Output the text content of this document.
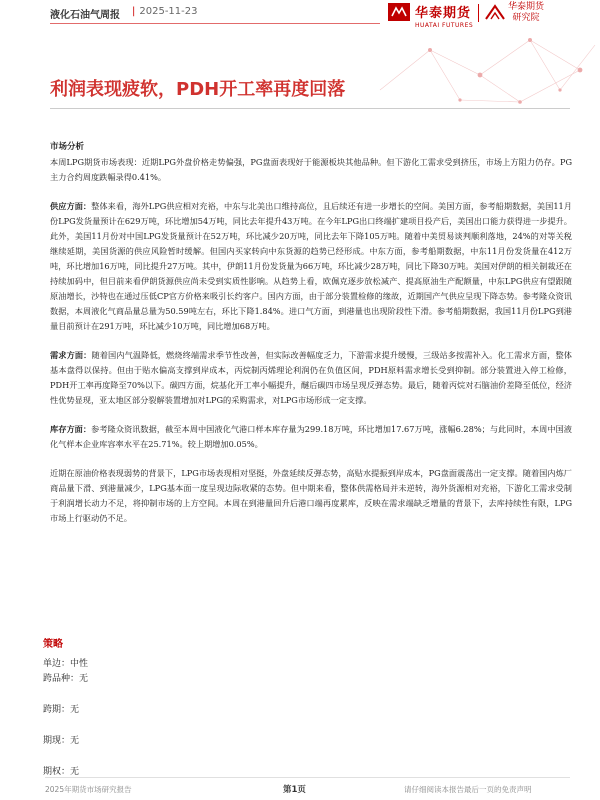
液化石油气周报	| 2025-11-23	华泰期货
HUATAI FUTURES
华泰期货
研究院
利润表现疲软，PDH开工率再度回落

市场分析

本周LPG期货市场表现：近期LPG外盘价格走势偏强，PG盘面表现好于能源板块其他品种。但下游化工需求受到挤压，市场上方阻力仍存。PG主力合约周度跌幅录得0.41%。

供应方面：整体来看，海外LPG供应相对充裕，中东与北美出口维持高位，且后续还有进一步增长的空间。美国方面，参考船期数据，美国11月份LPG发货量预计在629万吨，环比增加54万吨，同比去年提升43万吨。在今年LPG出口终端扩建项目投产后，美国出口能力获得进一步提升。此外，美国11月份对中国LPG发货量预计在52万吨，环比减少20万吨，同比去年下降105万吨。随着中美贸易谈判顺利落地，24%的对等关税继续延期，美国货源的供应风险暂时缓解。但国内买家转向中东货源的趋势已经形成。中东方面，参考船期数据，中东11月份发货量在412万吨，环比增加16万吨，同比提升27万吨。其中，伊朗11月份发货量为66万吨，环比减少28万吨，同比下降30万吨。美国对伊朗的相关制裁还在持续加码中，但目前来看伊朗货源供应尚未受到实质性影响。从趋势上看，欧佩克逐步放松减产、提高原油生产配额量，中东LPG供应有望跟随原油增长，沙特也在通过压低CP官方价格来吸引长约客户。国内方面，由于部分装置检修的缘故，近期国产气供应呈现下降态势。参考隆众资讯数据，本周液化气商品量总量为50.59吨左右，环比下降1.84%。进口气方面，到港量也出现阶段性下滑。参考船期数据，我国11月份LPG到港量目前预计在291万吨，环比减少10万吨，同比增加68万吨。

需求方面：随着国内气温降低，燃烧终端需求季节性改善，但实际改善幅度乏力，下游需求提升缓慢，三级站多按需补入。化工需求方面，整体基本盘得以保持。但由于贴水偏高支撑到岸成本，丙烷制丙烯理论利润仍在负值区间，PDH原料需求增长受到抑制。部分装置进入停工检修，PDH开工率再度降至70%以下。碳四方面，烷基化开工率小幅提升，醚后碳四市场呈现反弹态势。最后，随着丙烷对石脑油价差降至低位，经济性优势显现，亚太地区部分裂解装置增加对LPG的采购需求，对LPG市场形成一定支撑。

库存方面：参考隆众资讯数据，截至本周中国液化气港口样本库存量为299.18万吨，环比增加17.67万吨，涨幅6.28%；与此同时，本周中国液化气样本企业库容率水平在25.71%。较上期增加0.05%。

近期在原油价格表现弱势的背景下，LPG市场表现相对坚挺，外盘延续反弹态势，高贴水提振到岸成本，PG盘面震荡出一定支撑。随着国内炼厂商品量下滑、到港量减少，LPG基本面一度呈现边际收紧的态势。但中期来看，整体供需格局并未逆转，海外货源相对充裕，下游化工需求受制于利润增长动力不足，将抑制市场的上方空间。本周在到港量回升后港口端再度累库，反映在需求端缺乏增量的背景下，去库持续性有限，LPG市场上行驱动仍不足。

策略
单边：中性
跨品种：无
跨期：无
期现：无
期权：无
2025年期货市场研究报告	第1页	请仔细阅读本报告最后一页的免责声明
